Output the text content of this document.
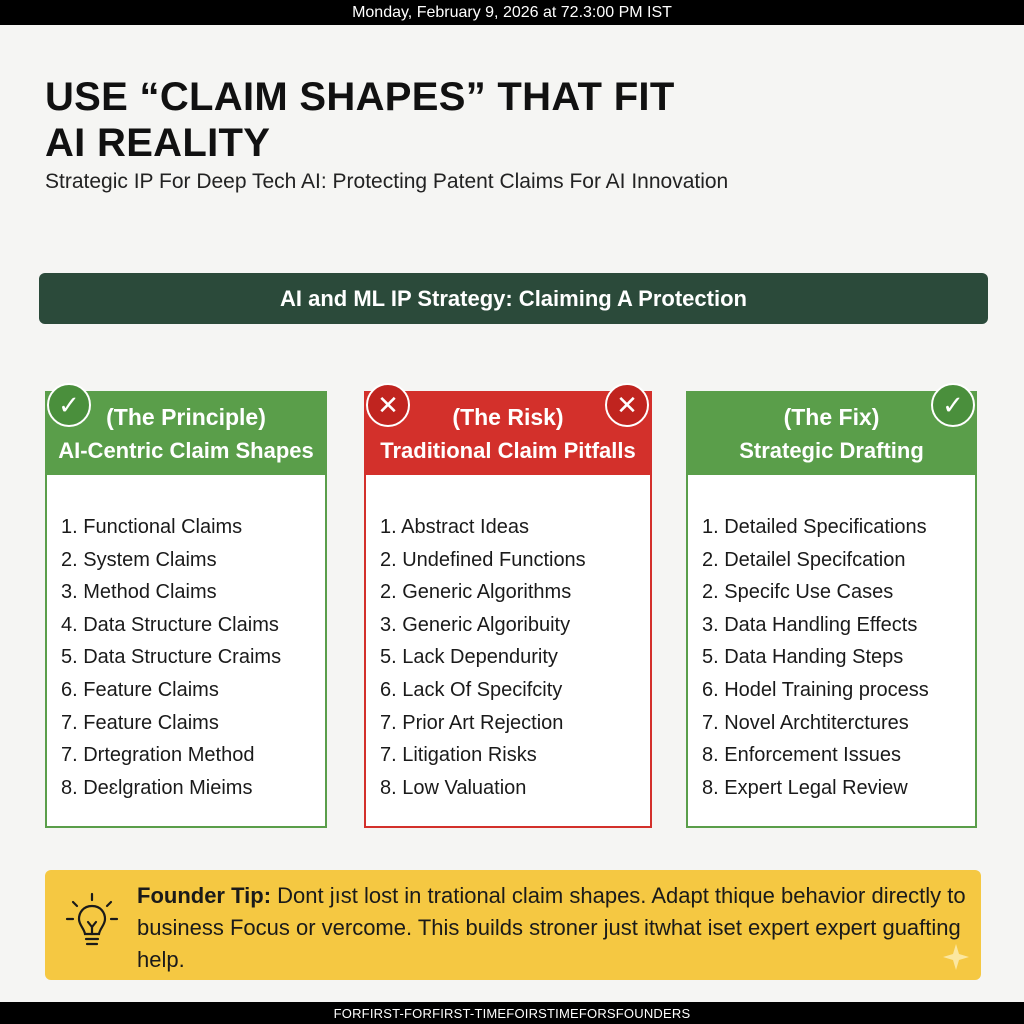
Monday, February 9, 2026 at 72.3:00 PM IST
USE “CLAIM SHAPES” THAT FIT
AI REALITY
Strategic IP For Deep Tech AI: Protecting Patent Claims For AI Innovation
AI and ML IP Strategy: Claiming A Protection
(The Principle)
AI-Centric Claim Shapes
1. Functional Claims
2. System Claims
3. Method Claims
4. Data Structure Claims
5. Data Structure Craims
6. Feature Claims
7. Feature Claims
7. Drtegration Method
8. Deɛlgration Mieims
✓	(The Risk)
Traditional Claim Pitfalls
1. Abstract Ideas
2. Undefined Functions
2. Generic Algorithms
3. Generic Algoribuity
5. Lack Dependurity
6. Lack Of Specifcity
7. Prior Art Rejection
7. Litigation Risks
8. Low Valuation
✕	✕	(The Fix)
Strategic Drafting
1. Detailed Specifications
2. Detailel Specifcation
2. Specifc Use Cases
3. Data Handling Effects
5. Data Handing Steps
6. Hodel Training process
7. Novel Archtiterctures
8. Enforcement Issues
8. Expert Legal Review
✓
Founder Tip: Dont jıst lost in trational claim shapes. Adapt thique behavior directly to business Focus or vercome. This builds stroner just itwhat iset expert expert guafting help.
FORFIRST-FORFIRST-TIMEFOIRSTIMEFORSFOUNDERS
